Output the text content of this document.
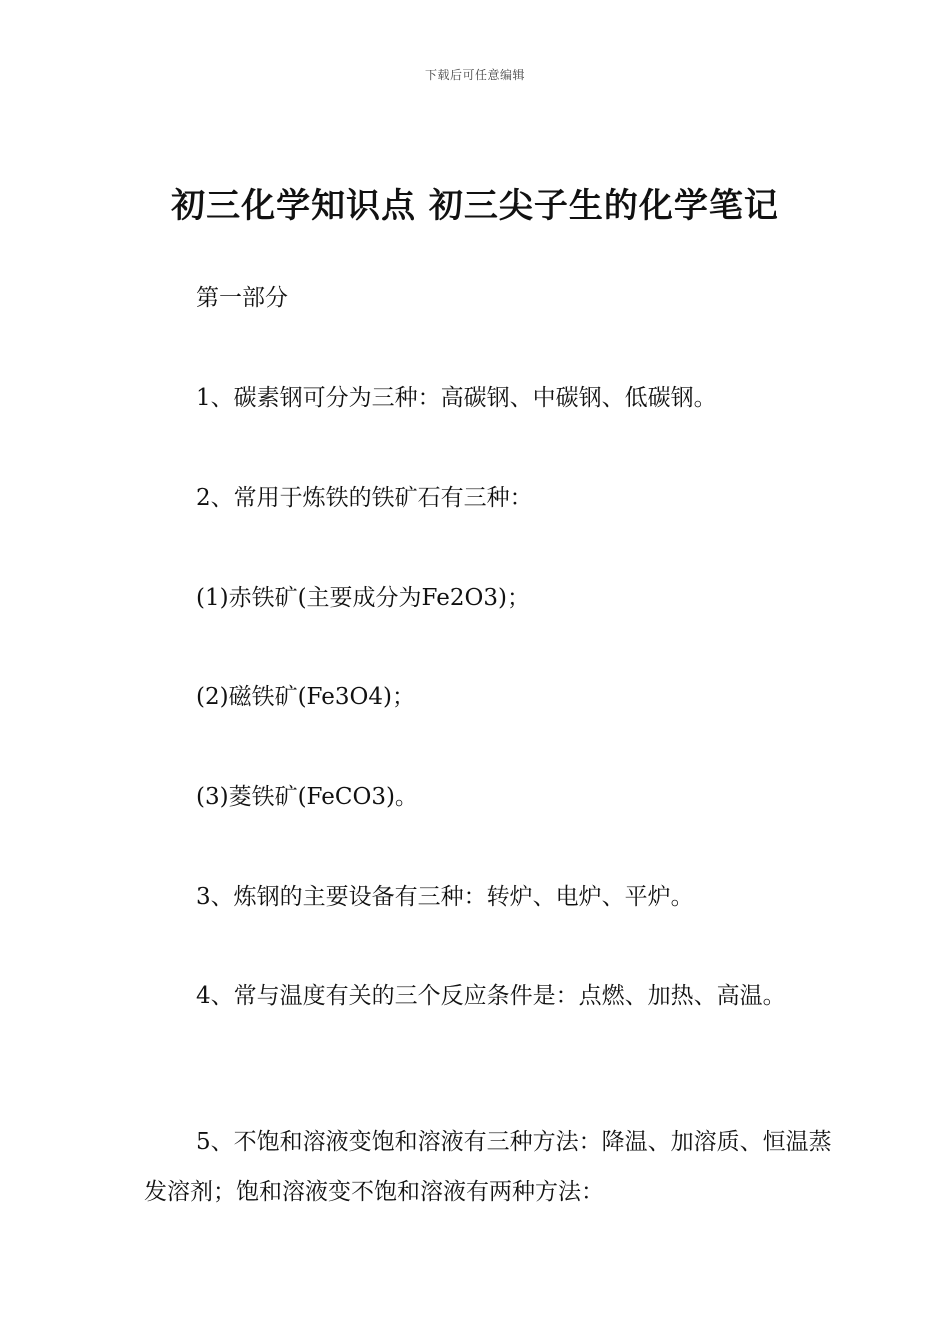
下载后可任意编辑
初三化学知识点 初三尖子生的化学笔记

第一部分

1、碳素钢可分为三种：高碳钢、中碳钢、低碳钢。

2、常用于炼铁的铁矿石有三种：

(1)赤铁矿(主要成分为Fe2O3)；

(2)磁铁矿(Fe3O4)；

(3)菱铁矿(FeCO3)。

3、炼钢的主要设备有三种：转炉、电炉、平炉。

4、常与温度有关的三个反应条件是：点燃、加热、高温。

5、不饱和溶液变饱和溶液有三种方法：降温、加溶质、恒温蒸发溶剂；饱和溶液变不饱和溶液有两种方法：
